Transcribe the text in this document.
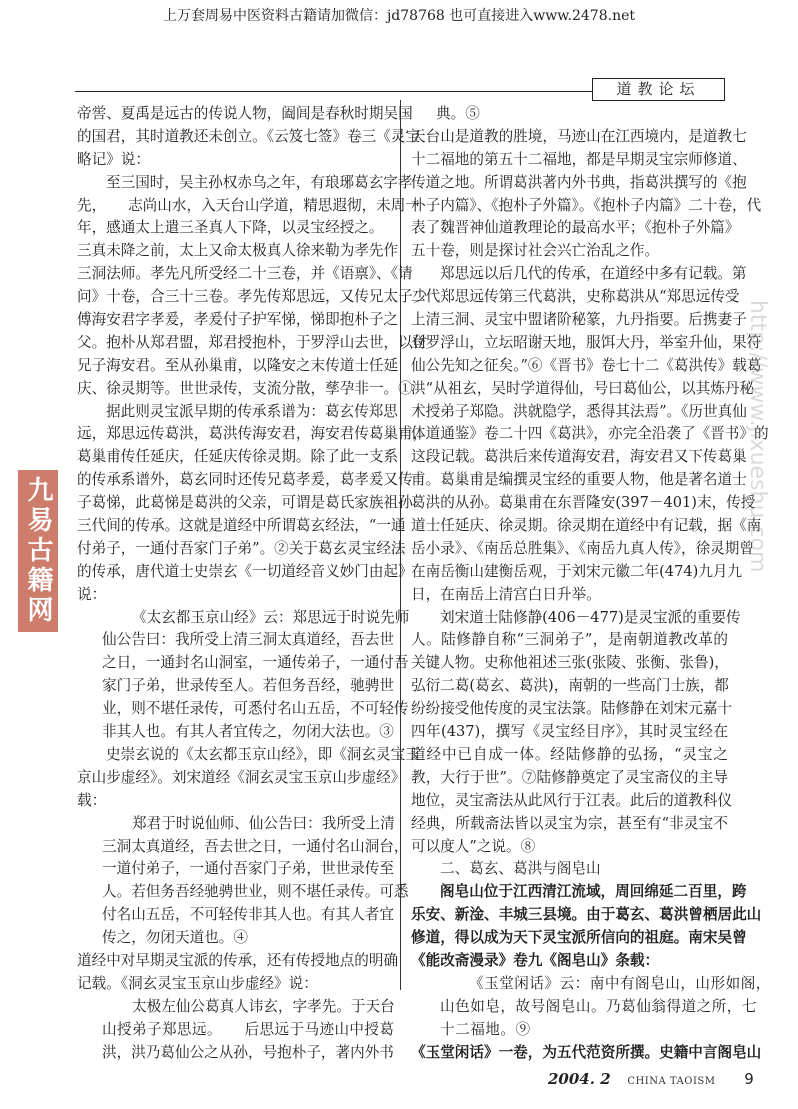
上万套周易中医资料古籍请加微信：jd78768 也可直接进入www.2478.net
道教论坛
帝喾、夏禹是远古的传说人物，阖闾是春秋时期吴国
的国君，其时道教还未创立。《云笈七签》卷三《灵宝
略记》说：
至三国时，吴主孙权赤乌之年，有琅琊葛玄字孝
先，　　志尚山水，入天台山学道，精思遐彻，未周一
年，感通太上遣三圣真人下降，以灵宝经授之。
三真未降之前，太上又命太极真人徐来勒为孝先作
三洞法师。孝先凡所受经二十三卷，并《语禀》、《请
问》十卷，合三十三卷。孝先传郑思远，又传兄太子少
傅海安君字孝爰，孝爰付子护军悌，悌即抱朴子之
父。抱朴从郑君盟，郑君授抱朴，于罗浮山去世，以付
兄子海安君。至从孙巢甫，以隆安之末传道士任延
庆、徐灵期等。世世录传，支流分散，孳孕非一。①
据此则灵宝派早期的传承系谱为：葛玄传郑思
远，郑思远传葛洪，葛洪传海安君，海安君传葛巢甫，
葛巢甫传任延庆，任延庆传徐灵期。除了此一支系
的传承系谱外，葛玄同时还传兄葛孝爰，葛孝爰又传
子葛悌，此葛悌是葛洪的父亲，可谓是葛氏家族祖孙
三代间的传承。这就是道经中所谓葛玄经法，“一通
付弟子，一通付吾家门子弟”。②关于葛玄灵宝经法
的传承，唐代道士史崇玄《一切道经音义妙门由起》
说：
《太玄都玉京山经》云：郑思远于时说先师
仙公告曰：我所受上清三洞太真道经，吾去世
之日，一通封名山洞室，一通传弟子，一通付吾
家门子弟，世录传至人。若但务吾经，驰骋世
业，则不堪任录传，可悉付名山五岳，不可轻传
非其人也。有其人者宜传之，勿闭大法也。③
史崇玄说的《太玄都玉京山经》，即《洞玄灵宝玉
京山步虚经》。刘宋道经《洞玄灵宝玉京山步虚经》
载：
郑君于时说仙师、仙公告曰：我所受上清
三洞太真道经，吾去世之日，一通付名山洞台，
一道付弟子，一通付吾家门子弟，世世录传至
人。若但务吾经驰骋世业，则不堪任录传。可悉
付名山五岳，不可轻传非其人也。有其人者宜
传之，勿闭天道也。④
道经中对早期灵宝派的传承，还有传授地点的明确
记载。《洞玄灵宝玉京山步虚经》说：
太极左仙公葛真人讳玄，字孝先。于天台
山授弟子郑思远。　　后思远于马迹山中授葛
洪，洪乃葛仙公之从孙，号抱朴子，著内外书
典。⑤
天台山是道教的胜境，马迹山在江西境内，是道教七
十二福地的第五十二福地，都是早期灵宝宗师修道、
传道之地。所谓葛洪著内外书典，指葛洪撰写的《抱
朴子内篇》、《抱朴子外篇》。《抱朴子内篇》二十卷，代
表了魏晋神仙道教理论的最高水平；《抱朴子外篇》
五十卷，则是探讨社会兴亡治乱之作。
郑思远以后几代的传承，在道经中多有记载。第
二代郑思远传第三代葛洪，史称葛洪从“郑思远传受
上清三洞、灵宝中盟诸阶秘篆，九丹指要。后携妻子
登罗浮山，立坛昭谢天地，服饵大丹，举室升仙，果符
仙公先知之征矣。”⑥《晋书》卷七十二《葛洪传》载葛
洪“从祖玄，吴时学道得仙，号曰葛仙公，以其炼丹秘
术授弟子郑隐。洪就隐学，悉得其法焉”。《历世真仙
体道通鉴》卷二十四《葛洪》，亦完全沿袭了《晋书》的
这段记载。葛洪后来传道海安君，海安君又下传葛巢
甫。葛巢甫是编撰灵宝经的重要人物，他是著名道士
葛洪的从孙。葛巢甫在东晋隆安(397－401)末，传授
道士任延庆、徐灵期。徐灵期在道经中有记载，据《南
岳小录》、《南岳总胜集》、《南岳九真人传》，徐灵期曾
在南岳衡山建衡岳观，于刘宋元徽二年(474)九月九
日，在南岳上清宫白日升举。
刘宋道士陆修静(406－477)是灵宝派的重要传
人。陆修静自称“三洞弟子”，是南朝道教改革的
关键人物。史称他祖述三张(张陵、张衡、张鲁)，
弘衍二葛(葛玄、葛洪)，南朝的一些高门士族，都
纷纷接受他传度的灵宝法箓。陆修静在刘宋元嘉十
四年(437)，撰写《灵宝经目序》，其时灵宝经在
道经中已自成一体。经陆修静的弘扬，“灵宝之
教，大行于世”。⑦陆修静奠定了灵宝斋仪的主导
地位，灵宝斋法从此风行于江表。此后的道教科仪
经典，所载斋法皆以灵宝为宗，甚至有“非灵宝不
可以度人”之说。⑧
二、葛玄、葛洪与阁皂山
阁皂山位于江西清江流域，周回绵延二百里，跨
乐安、新淦、丰城三县境。由于葛玄、葛洪曾栖居此山
修道，得以成为天下灵宝派所信向的祖庭。南宋吴曾
《能改斋漫录》卷九《阁皂山》条载：
《玉堂闲话》云：南中有阁皂山，山形如阁，
山色如皂，故号阁皂山。乃葛仙翁得道之所，七
十二福地。⑨
《玉堂闲话》一卷，为五代范资所撰。史籍中言阁皂山
http://www.jixueshu.com
九易古籍网
2004. 2 CHINA TAOISM 9
